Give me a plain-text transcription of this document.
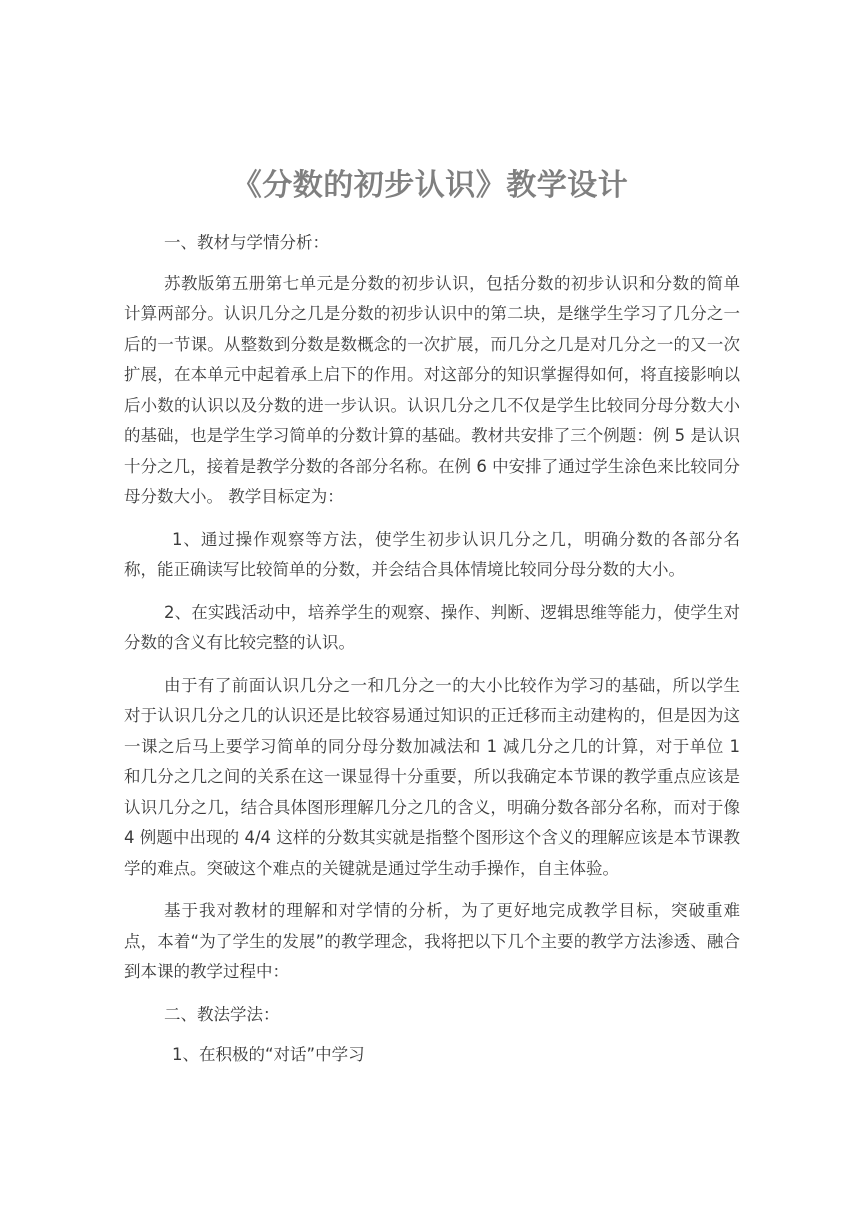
《分数的初步认识》教学设计

一、教材与学情分析：

苏教版第五册第七单元是分数的初步认识，包括分数的初步认识和分数的简单计算两部分。认识几分之几是分数的初步认识中的第二块，是继学生学习了几分之一后的一节课。从整数到分数是数概念的一次扩展，而几分之几是对几分之一的又一次扩展，在本单元中起着承上启下的作用。对这部分的知识掌握得如何，将直接影响以后小数的认识以及分数的进一步认识。认识几分之几不仅是学生比较同分母分数大小的基础，也是学生学习简单的分数计算的基础。教材共安排了三个例题：例 5 是认识十分之几，接着是教学分数的各部分名称。在例 6 中安排了通过学生涂色来比较同分母分数大小。 教学目标定为：

1、通过操作观察等方法，使学生初步认识几分之几，明确分数的各部分名称，能正确读写比较简单的分数，并会结合具体情境比较同分母分数的大小。

2、在实践活动中，培养学生的观察、操作、判断、逻辑思维等能力，使学生对分数的含义有比较完整的认识。

由于有了前面认识几分之一和几分之一的大小比较作为学习的基础，所以学生对于认识几分之几的认识还是比较容易通过知识的正迁移而主动建构的，但是因为这一课之后马上要学习简单的同分母分数加减法和 1 减几分之几的计算，对于单位 1 和几分之几之间的关系在这一课显得十分重要，所以我确定本节课的教学重点应该是认识几分之几，结合具体图形理解几分之几的含义，明确分数各部分名称，而对于像 4 例题中出现的 4/4 这样的分数其实就是指整个图形这个含义的理解应该是本节课教学的难点。突破这个难点的关键就是通过学生动手操作，自主体验。

基于我对教材的理解和对学情的分析，为了更好地完成教学目标，突破重难点，本着“为了学生的发展”的教学理念，我将把以下几个主要的教学方法渗透、融合到本课的教学过程中：

二、教法学法：

1、在积极的“对话”中学习
